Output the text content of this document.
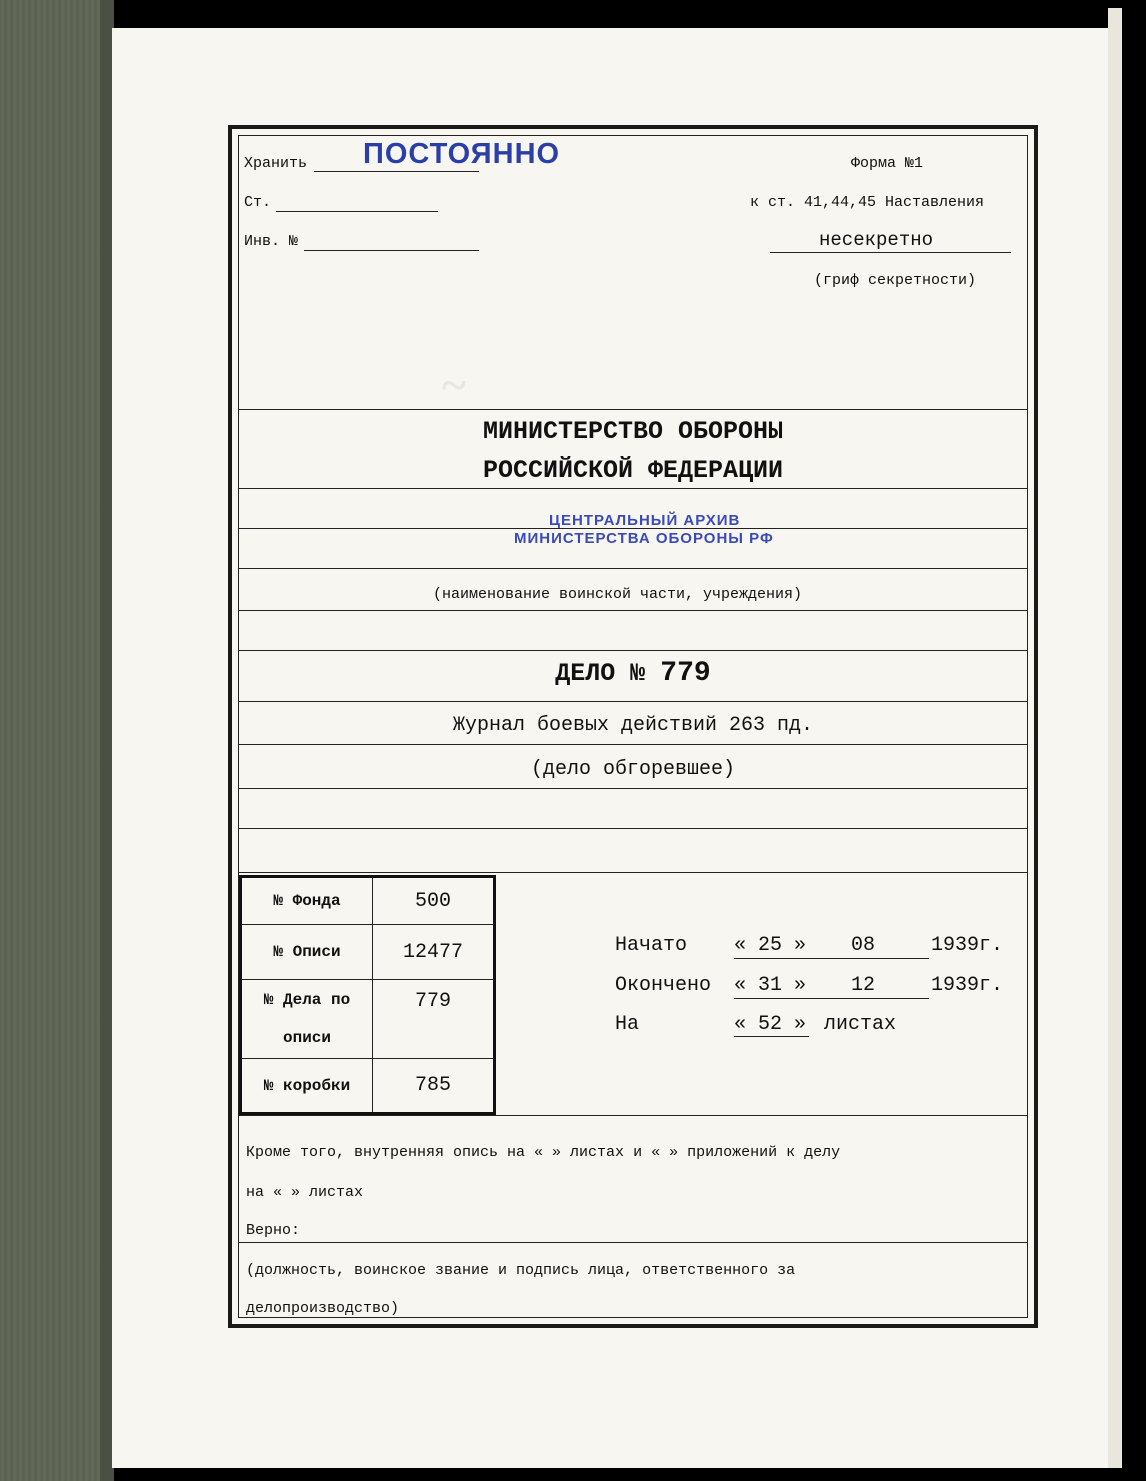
~
Хранить ПОСТОЯННО
Ст.
Инв. №
Форма №1
к ст. 41,44,45 Наставления
несекретно
(гриф секретности)
МИНИСТЕРСТВО ОБОРОНЫ
РОССИЙСКОЙ ФЕДЕРАЦИИ
ЦЕНТРАЛЬНЫЙ АРХИВ
МИНИСТЕРСТВА ОБОРОНЫ РФ
(наименование воинской части, учреждения)
ДЕЛО № 779
Журнал боевых действий 263 пд.
(дело обгоревшее)
№ Фонда	500
№ Описи	12477
№ Дела по описи	779
№ коробки	785
Начато « 25 » 08	1939г.
Окончено « 31 » 12	1939г.
На	« 52 » листах
Кроме того, внутренняя опись на « » листах и « » приложений к делу
на « » листах
Верно:
(должность, воинское звание и подпись лица, ответственного за
делопроизводство)
